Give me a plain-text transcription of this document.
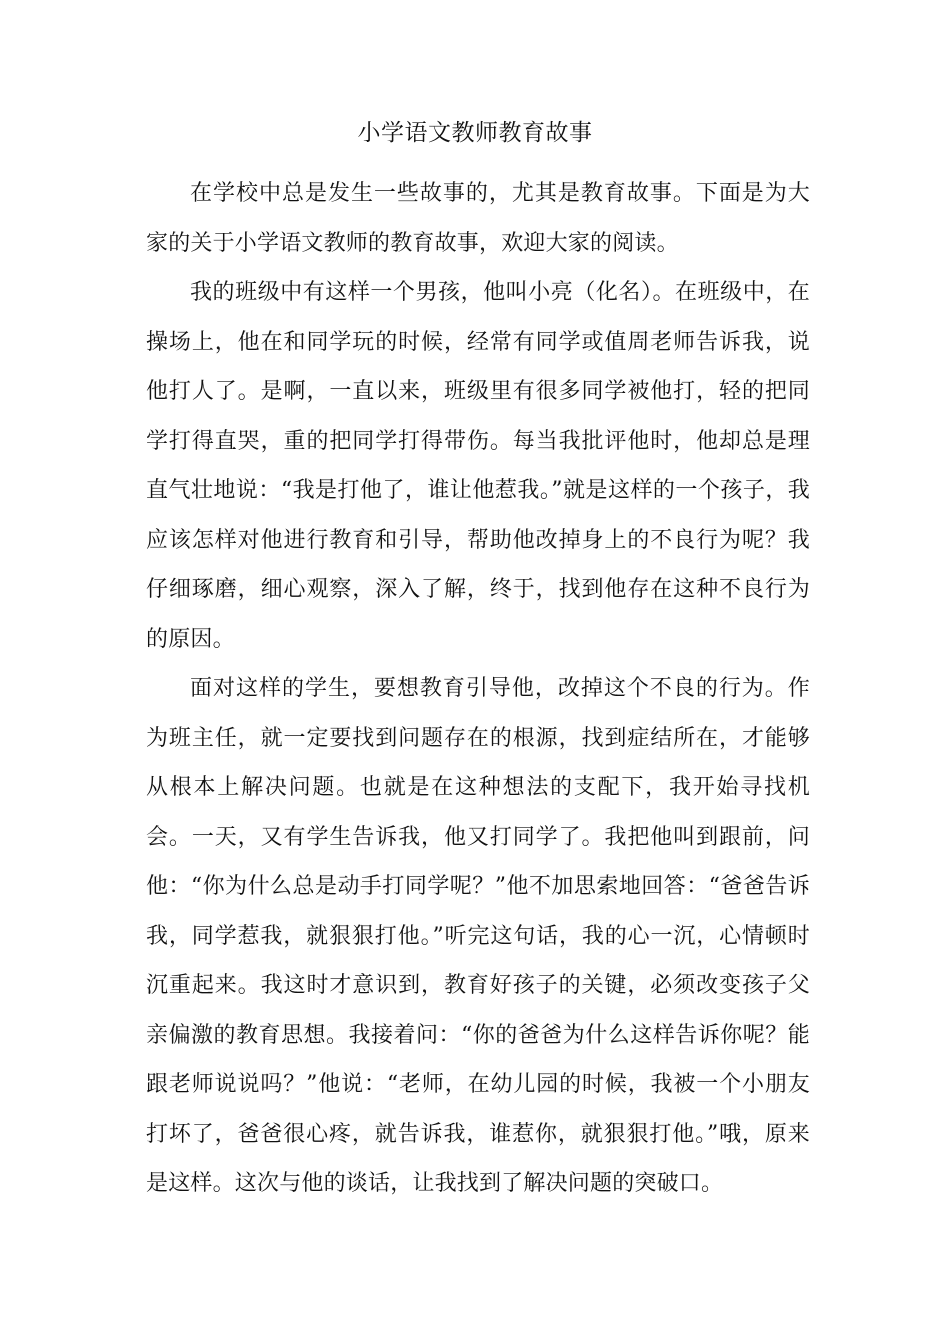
小学语文教师教育故事

在学校中总是发生一些故事的，尤其是教育故事。下面是为大家的关于小学语文教师的教育故事，欢迎大家的阅读。

我的班级中有这样一个男孩，他叫小亮（化名）。在班级中，在操场上，他在和同学玩的时候，经常有同学或值周老师告诉我，说他打人了。是啊，一直以来，班级里有很多同学被他打，轻的把同学打得直哭，重的把同学打得带伤。每当我批评他时，他却总是理直气壮地说：“我是打他了，谁让他惹我。”就是这样的一个孩子，我应该怎样对他进行教育和引导，帮助他改掉身上的不良行为呢？我仔细琢磨，细心观察，深入了解，终于，找到他存在这种不良行为的原因。

面对这样的学生，要想教育引导他，改掉这个不良的行为。作为班主任，就一定要找到问题存在的根源，找到症结所在，才能够从根本上解决问题。也就是在这种想法的支配下，我开始寻找机会。一天，又有学生告诉我，他又打同学了。我把他叫到跟前，问他：“你为什么总是动手打同学呢？”他不加思索地回答：“爸爸告诉我，同学惹我，就狠狠打他。”听完这句话，我的心一沉，心情顿时沉重起来。我这时才意识到，教育好孩子的关键，必须改变孩子父亲偏激的教育思想。我接着问：“你的爸爸为什么这样告诉你呢？能跟老师说说吗？”他说：“老师，在幼儿园的时候，我被一个小朋友打坏了，爸爸很心疼，就告诉我，谁惹你，就狠狠打他。”哦，原来是这样。这次与他的谈话，让我找到了解决问题的突破口。
